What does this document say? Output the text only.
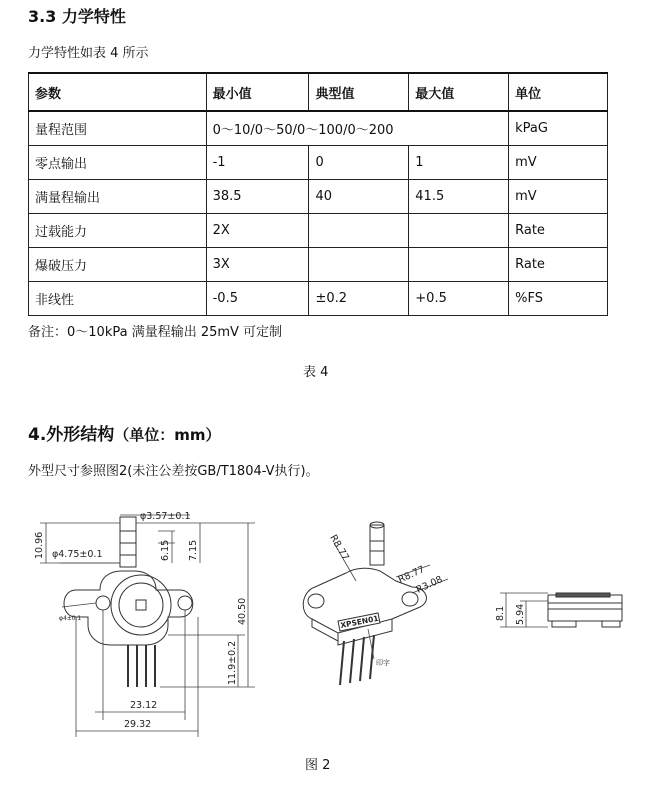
3.3 力学特性
力学特性如表 4 所示
参数	最小值	典型值	最大值	单位
量程范围	0～10/0～50/0～100/0～200			kPaG
零点输出	-1	0	1	mV
满量程输出	38.5	40	41.5	mV
过载能力	2X			Rate
爆破压力	3X			Rate
非线性	-0.5	±0.2	+0.5	%FS
备注：0～10kPa 满量程输出 25mV 可定制
表 4
4.外形结构（单位：mm）
外型尺寸参照图2(未注公差按GB/T1804-V执行)。
φ3.57±0.1
φ4.75±0.1
10.96	6.15 7.15
40.50
11.9±0.2
23.12
29.32
φ4±0.1
R8.77
R8.77
R3.08
XPSEN01
印字
8.1 5.94
图 2
